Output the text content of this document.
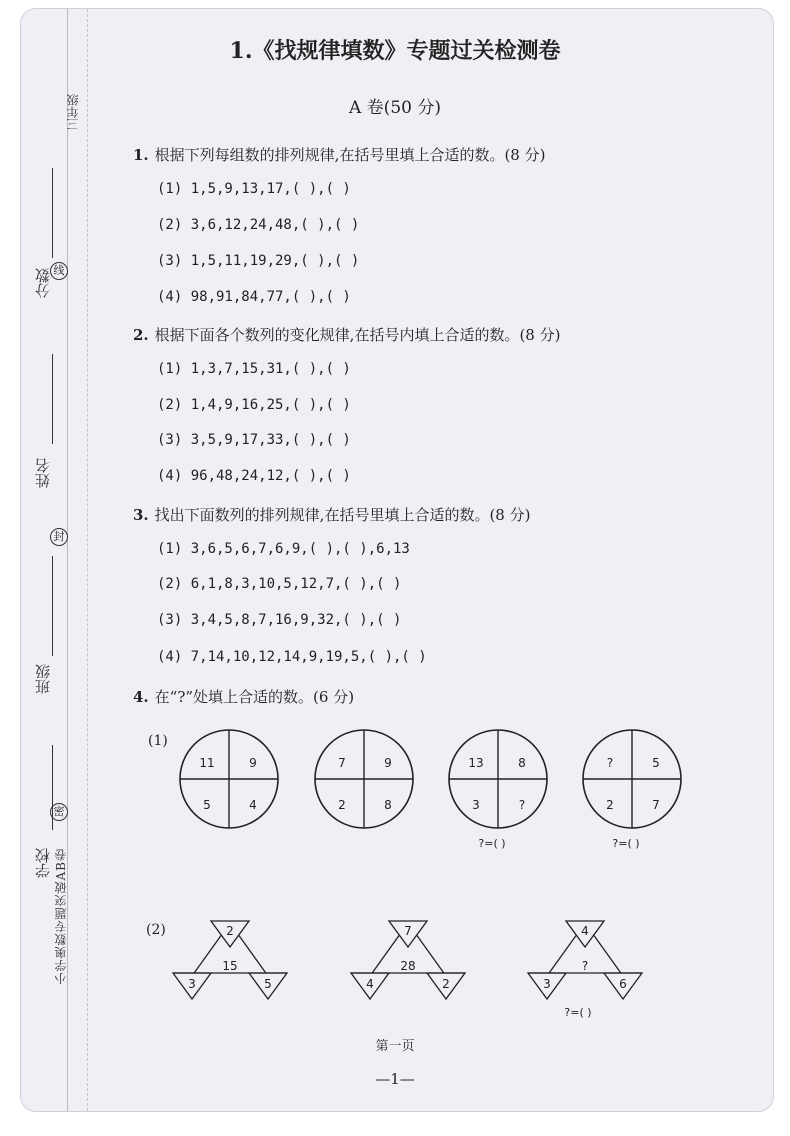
三年级
线
分数
姓名
封
班级
密
学校 小学奥数专题突破AB卷
1.《找规律填数》专题过关检测卷
A 卷(50 分)
1. 根据下列每组数的排列规律,在括号里填上合适的数。(8 分)
(1) 1,5,9,13,17,( ),( )
(2) 3,6,12,24,48,( ),( )
(3) 1,5,11,19,29,( ),( )
(4) 98,91,84,77,( ),( )
2. 根据下面各个数列的变化规律,在括号内填上合适的数。(8 分)
(1) 1,3,7,15,31,( ),( )
(2) 1,4,9,16,25,( ),( )
(3) 3,5,9,17,33,( ),( )
(4) 96,48,24,12,( ),( )
3. 找出下面数列的排列规律,在括号里填上合适的数。(8 分)
(1) 3,6,5,6,7,6,9,( ),( ),6,13
(2) 6,1,8,3,10,5,12,7,( ),( )
(3) 3,4,5,8,7,16,9,32,( ),( )
(4) 7,14,10,12,14,9,19,5,( ),( )
4. 在“?”处填上合适的数。(6 分)
(1)
(2)
11	9
5	4
7	9
2	8
13	8
3	?
?=( )
?	5
2	7
?=( )
2
15
3	5
7
28
4	2
4
?
3	6
?=( )
第一页
—1—
